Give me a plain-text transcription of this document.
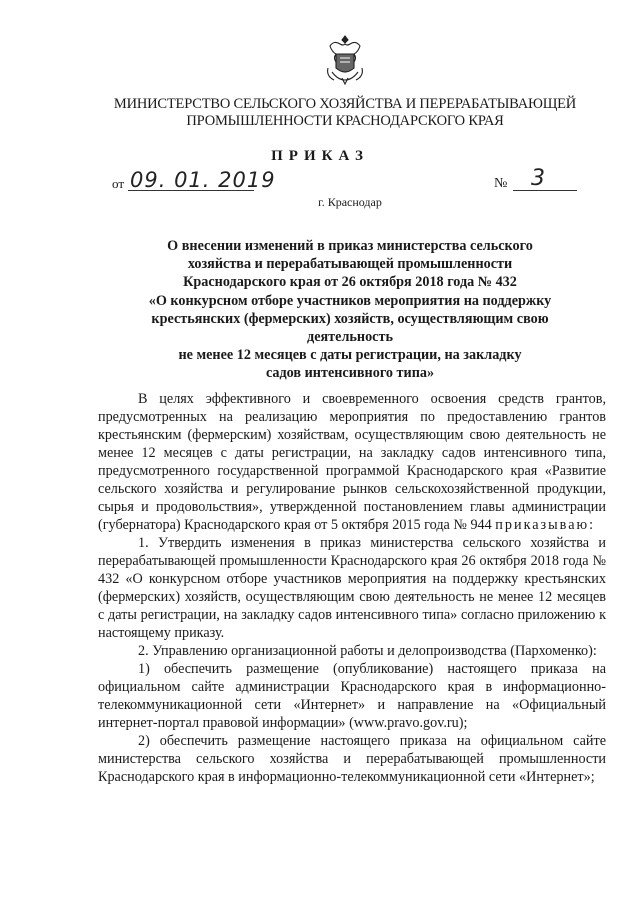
МИНИСТЕРСТВО СЕЛЬСКОГО ХОЗЯЙСТВА И ПЕРЕРАБАТЫВАЮЩЕЙ
ПРОМЫШЛЕННОСТИ КРАСНОДАРСКОГО КРАЯ
ПРИКАЗ
от 09. 01. 2019	№ 3
г. Краснодар
О внесении изменений в приказ министерства сельского
хозяйства и перерабатывающей промышленности
Краснодарского края от 26 октября 2018 года № 432
«О конкурсном отборе участников мероприятия на поддержку
крестьянских (фермерских) хозяйств, осуществляющим свою деятельность
не менее 12 месяцев с даты регистрации, на закладку
садов интенсивного типа»

В целях эффективного и своевременного освоения средств грантов, предусмотренных на реализацию мероприятия по предоставлению грантов крестьянским (фермерским) хозяйствам, осуществляющим свою деятельность не менее 12 месяцев с даты регистрации, на закладку садов интенсивного типа, предусмотренного государственной программой Краснодарского края «Развитие сельского хозяйства и регулирование рынков сельскохозяйственной продукции, сырья и продовольствия», утвержденной постановлением главы администрации (губернатора) Краснодарского края от 5 октября 2015 года № 944 приказываю:

1. Утвердить изменения в приказ министерства сельского хозяйства и перерабатывающей промышленности Краснодарского края 26 октября 2018 года № 432 «О конкурсном отборе участников мероприятия на поддержку крестьянских (фермерских) хозяйств, осуществляющим свою деятельность не менее 12 месяцев с даты регистрации, на закладку садов интенсивного типа» согласно приложению к настоящему приказу.

2. Управлению организационной работы и делопроизводства (Пархоменко):

1) обеспечить размещение (опубликование) настоящего приказа на официальном сайте администрации Краснодарского края в информационно-телекоммуникационной сети «Интернет» и направление на «Официальный интернет-портал правовой информации» (www.pravo.gov.ru);

2) обеспечить размещение настоящего приказа на официальном сайте министерства сельского хозяйства и перерабатывающей промышленности Краснодарского края в информационно-телекоммуникационной сети «Интернет»;
